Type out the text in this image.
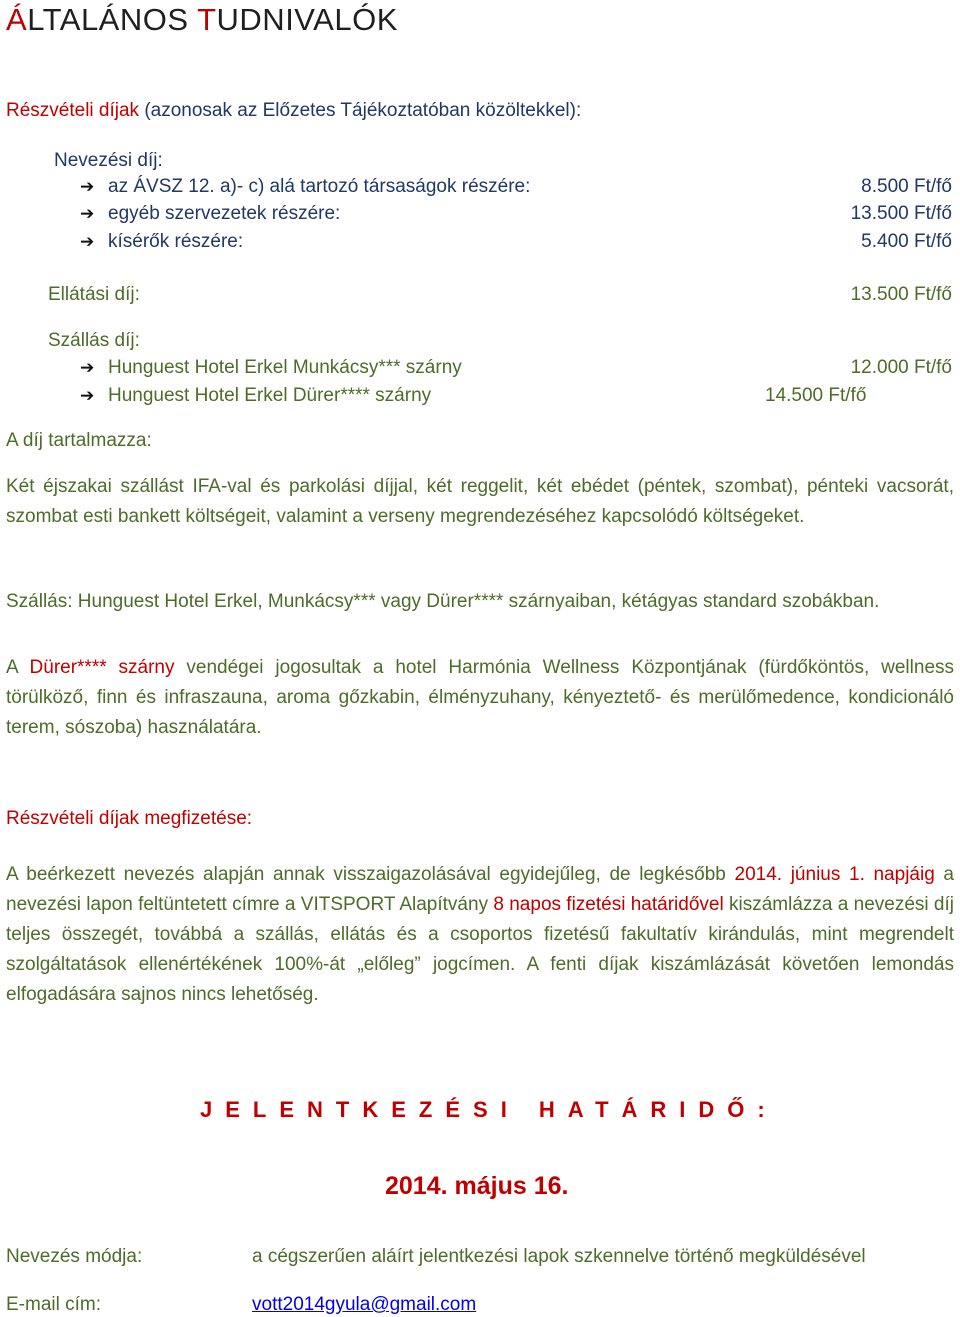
ÁLTALÁNOS TUDNIVALÓK
Részvételi díjak (azonosak az Előzetes Tájékoztatóban közöltekkel):
Nevezési díj:
➔ az ÁVSZ 12. a)- c) alá tartozó társaságok részére:	8.500 Ft/fő
➔ egyéb szervezetek részére:	13.500 Ft/fő
➔ kísérők részére:	5.400 Ft/fő
Ellátási díj:	13.500 Ft/fő
Szállás díj:
➔ Hunguest Hotel Erkel Munkácsy*** szárny	12.000 Ft/fő
➔ Hunguest Hotel Erkel Dürer**** szárny	14.500 Ft/fő
A díj tartalmazza:
Két éjszakai szállást IFA-val és parkolási díjjal, két reggelit, két ebédet (péntek, szombat), pénteki vacsorát, szombat esti bankett költségeit, valamint a verseny megrendezéséhez kapcsolódó költségeket.
Szállás: Hunguest Hotel Erkel, Munkácsy*** vagy Dürer**** szárnyaiban, kétágyas standard szobákban.
A Dürer**** szárny vendégei jogosultak a hotel Harmónia Wellness Központjának (fürdőköntös, wellness törülköző, finn és infraszauna, aroma gőzkabin, élményzuhany, kényeztető- és merülőmedence, kondicionáló terem, sószoba) használatára.
Részvételi díjak megfizetése:
A beérkezett nevezés alapján annak visszaigazolásával egyidejűleg, de legkésőbb 2014. június 1. napjáig a nevezési lapon feltüntetett címre a VITSPORT Alapítvány 8 napos fizetési határidővel kiszámlázza a nevezési díj teljes összegét, továbbá a szállás, ellátás és a csoportos fizetésű fakultatív kirándulás, mint megrendelt szolgáltatások ellenértékének 100%-át „előleg” jogcímen. A fenti díjak kiszámlázását követően lemondás elfogadására sajnos nincs lehetőség.
JELENTKEZÉSI HATÁRIDŐ:
2014. május 16.
Nevezés módja:	a cégszerűen aláírt jelentkezési lapok szkennelve történő megküldésével
E-mail cím:	vott2014gyula@gmail.com
